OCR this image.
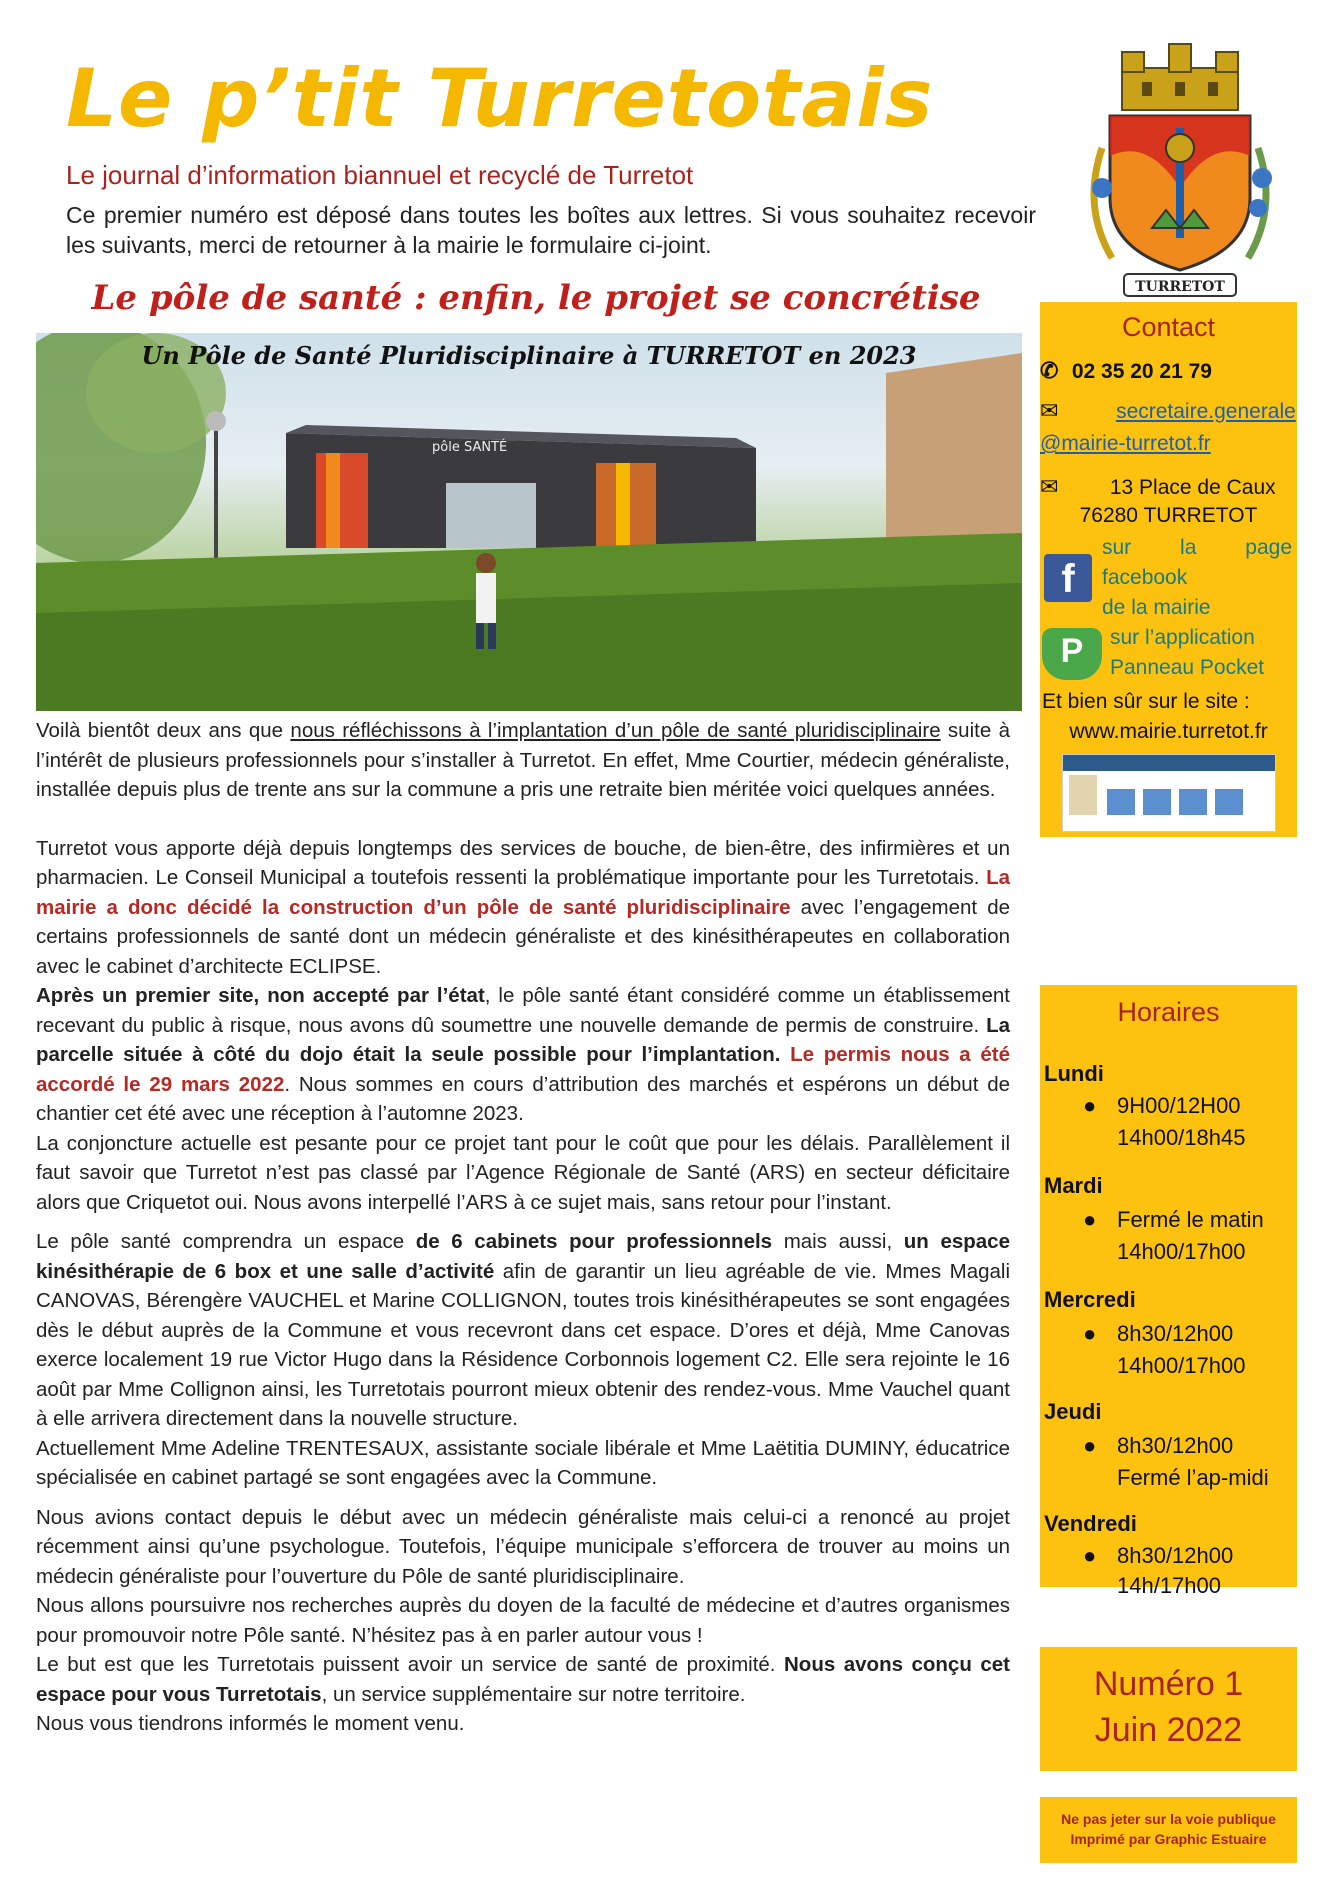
Le p’tit Turretotais
Le journal d’information biannuel et recyclé de Turretot
Ce premier numéro est déposé dans toutes les boîtes aux lettres. Si vous souhaitez recevoir les suivants, merci de retourner à la mairie le formulaire ci-joint.
TURRETOT
Le pôle de santé : enfin, le projet se concrétise
pôle SANTÉ
Un Pôle de Santé Pluridisciplinaire à TURRETOT en 2023

Voilà bientôt deux ans que nous réfléchissons à l’implantation d’un pôle de santé pluridisciplinaire suite à l’intérêt de plusieurs professionnels pour s’installer à Turretot. En effet, Mme Courtier, médecin généraliste, installée depuis plus de trente ans sur la commune a pris une retraite bien méritée voici quelques années.

Turretot vous apporte déjà depuis longtemps des services de bouche, de bien-être, des infirmières et un pharmacien. Le Conseil Municipal a toutefois ressenti la problématique importante pour les Turretotais. La mairie a donc décidé la construction d’un pôle de santé pluridisciplinaire avec l’engagement de certains professionnels de santé dont un médecin généraliste et des kinésithérapeutes en collaboration avec le cabinet d’architecte ECLIPSE.

Après un premier site, non accepté par l’état, le pôle santé étant considéré comme un établissement recevant du public à risque, nous avons dû soumettre une nouvelle demande de permis de construire. La parcelle située à côté du dojo était la seule possible pour l’implantation. Le permis nous a été accordé le 29 mars 2022. Nous sommes en cours d’attribution des marchés et espérons un début de chantier cet été avec une réception à l’automne 2023.

La conjoncture actuelle est pesante pour ce projet tant pour le coût que pour les délais. Parallèlement il faut savoir que Turretot n’est pas classé par l’Agence Régionale de Santé (ARS) en secteur déficitaire alors que Criquetot oui. Nous avons interpellé l’ARS à ce sujet mais, sans retour pour l’instant.

Le pôle santé comprendra un espace de 6 cabinets pour professionnels mais aussi, un espace kinésithérapie de 6 box et une salle d’activité afin de garantir un lieu agréable de vie. Mmes Magali CANOVAS, Bérengère VAUCHEL et Marine COLLIGNON, toutes trois kinésithérapeutes se sont engagées dès le début auprès de la Commune et vous recevront dans cet espace. D’ores et déjà, Mme Canovas exerce localement 19 rue Victor Hugo dans la Résidence Corbonnois logement C2. Elle sera rejointe le 16 août par Mme Collignon ainsi, les Turretotais pourront mieux obtenir des rendez-vous. Mme Vauchel quant à elle arrivera directement dans la nouvelle structure.

Actuellement Mme Adeline TRENTESAUX, assistante sociale libérale et Mme Laëtitia DUMINY, éducatrice spécialisée en cabinet partagé se sont engagées avec la Commune.

Nous avions contact depuis le début avec un médecin généraliste mais celui-ci a renoncé au projet récemment ainsi qu’une psychologue. Toutefois, l’équipe municipale s’efforcera de trouver au moins un médecin généraliste pour l’ouverture du Pôle de santé pluridisciplinaire.

Nous allons poursuivre nos recherches auprès du doyen de la faculté de médecine et d’autres organismes pour promouvoir notre Pôle santé. N’hésitez pas à en parler autour vous !

Le but est que les Turretotais puissent avoir un service de santé de proximité. Nous avons conçu cet espace pour vous Turretotais, un service supplémentaire sur notre territoire.

Nous vous tiendrons informés le moment venu.

Contact
✆ 02 35 20 21 79
✉	secretaire.generale
@mairie-turretot.fr
✉ 13 Place de Caux
76280 TURRETOT
f
sur la page
facebook
de la mairie
P	sur l’application
Panneau Pocket
Et bien sûr sur le site :
www.mairie.turretot.fr
Horaires
Lundi
● 9H00/12H00
14h00/18h45
Mardi
● Fermé le matin
14h00/17h00
Mercredi
● 8h30/12h00
14h00/17h00
Jeudi
● 8h30/12h00
Fermé l’ap-midi
Vendredi
● 8h30/12h00
14h/17h00
Numéro 1
Juin 2022
Ne pas jeter sur la voie publique
Imprimé par Graphic Estuaire
